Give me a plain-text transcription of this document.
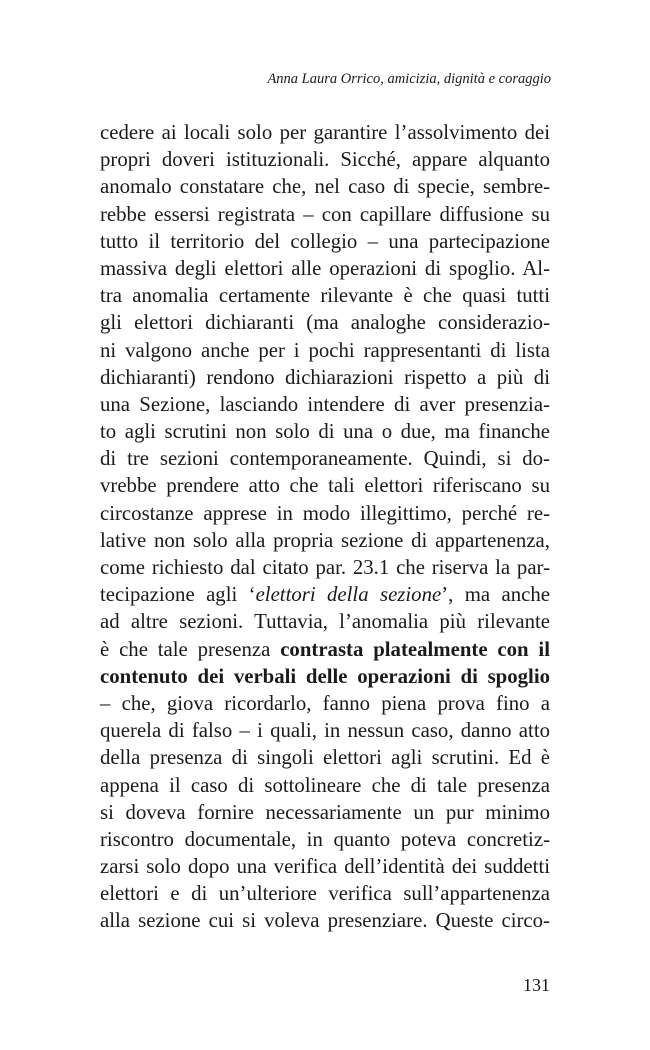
Anna Laura Orrico, amicizia, dignità e coraggio
cedere ai locali solo per garantire l’assolvimento dei
propri doveri istituzionali. Sicché, appare alquanto
anomalo constatare che, nel caso di specie, sembre-
rebbe essersi registrata – con capillare diffusione su
tutto il territorio del collegio – una partecipazione
massiva degli elettori alle operazioni di spoglio. Al-
tra anomalia certamente rilevante è che quasi tutti
gli elettori dichiaranti (ma analoghe considerazio-
ni valgono anche per i pochi rappresentanti di lista
dichiaranti) rendono dichiarazioni rispetto a più di
una Sezione, lasciando intendere di aver presenzia-
to agli scrutini non solo di una o due, ma finanche
di tre sezioni contemporaneamente. Quindi, si do-
vrebbe prendere atto che tali elettori riferiscano su
circostanze apprese in modo illegittimo, perché re-
lative non solo alla propria sezione di appartenenza,
come richiesto dal citato par. 23.1 che riserva la par-
tecipazione agli ‘elettori della sezione’, ma anche
ad altre sezioni. Tuttavia, l’anomalia più rilevante
è che tale presenza contrasta platealmente con il
contenuto dei verbali delle operazioni di spoglio
– che, giova ricordarlo, fanno piena prova fino a
querela di falso – i quali, in nessun caso, danno atto
della presenza di singoli elettori agli scrutini. Ed è
appena il caso di sottolineare che di tale presenza
si doveva fornire necessariamente un pur minimo
riscontro documentale, in quanto poteva concretiz-
zarsi solo dopo una verifica dell’identità dei suddetti
elettori e di un’ulteriore verifica sull’appartenenza
alla sezione cui si voleva presenziare. Queste circo-
131
